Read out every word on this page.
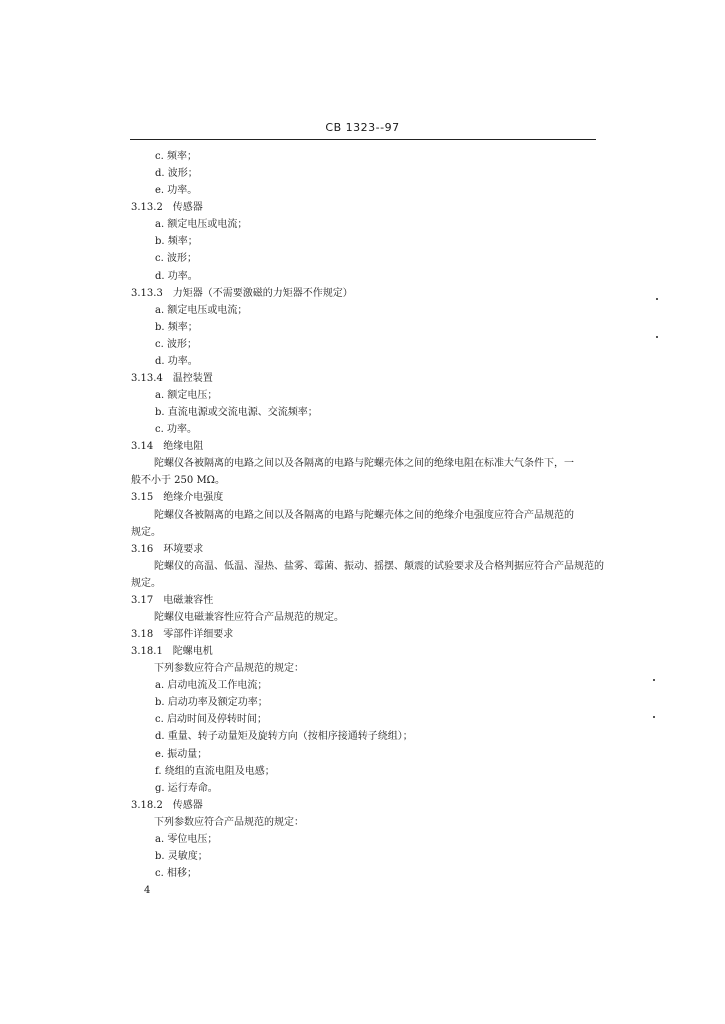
CB 1323--97
c. 频率；
d. 波形；
e. 功率。
3.13.2　传感器
a. 额定电压或电流；
b. 频率；
c. 波形；
d. 功率。
3.13.3　力矩器（不需要激磁的力矩器不作规定）
a. 额定电压或电流；
b. 频率；
c. 波形；
d. 功率。
3.13.4　温控装置
a. 额定电压；
b. 直流电源或交流电源、交流频率；
c. 功率。
3.14　绝缘电阻
陀螺仪各被隔离的电路之间以及各隔离的电路与陀螺壳体之间的绝缘电阻在标准大气条件下，一
般不小于 250 MΩ。
3.15　绝缘介电强度
陀螺仪各被隔离的电路之间以及各隔离的电路与陀螺壳体之间的绝缘介电强度应符合产品规范的
规定。
3.16　环境要求
陀螺仪的高温、低温、湿热、盐雾、霉菌、振动、摇摆、颠震的试验要求及合格判据应符合产品规范的
规定。
3.17　电磁兼容性
陀螺仪电磁兼容性应符合产品规范的规定。
3.18　零部件详细要求
3.18.1　陀螺电机
下列参数应符合产品规范的规定：
a. 启动电流及工作电流；
b. 启动功率及额定功率；
c. 启动时间及停转时间；
d. 重量、转子动量矩及旋转方向（按相序接通转子绕组）；
e. 振动量；
f. 绕组的直流电阻及电感；
g. 运行寿命。
3.18.2　传感器
下列参数应符合产品规范的规定：
a. 零位电压；
b. 灵敏度；
c. 相移；
4
